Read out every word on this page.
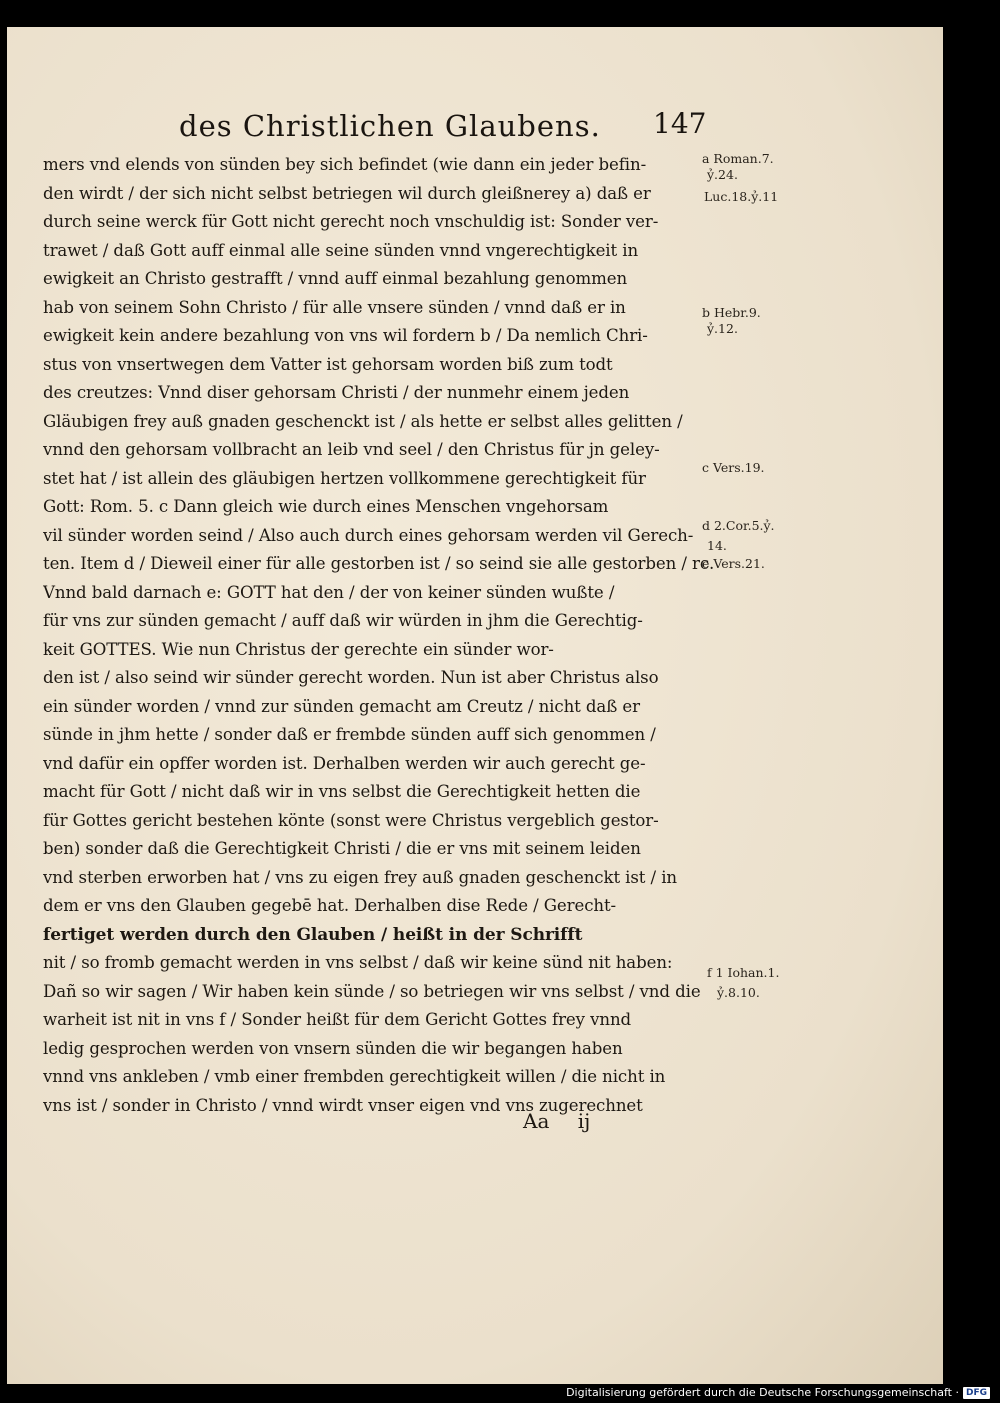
des Christlichen Glaubens. 147
mers vnd elends von sünden bey sich befindet (wie dann ein jeder befin-
den wirdt / der sich nicht selbst betriegen wil durch gleißnerey a) daß er
durch seine werck für Gott nicht gerecht noch vnschuldig ist: Sonder ver-
trawet / daß Gott auff einmal alle seine sünden vnnd vngerechtigkeit in
ewigkeit an Christo gestrafft / vnnd auff einmal bezahlung genommen
hab von seinem Sohn Christo / für alle vnsere sünden / vnnd daß er in
ewigkeit kein andere bezahlung von vns wil fordern b / Da nemlich Chri-
stus von vnsertwegen dem Vatter ist gehorsam worden biß zum todt
des creutzes: Vnnd diser gehorsam Christi / der nunmehr einem jeden
Gläubigen frey auß gnaden geschenckt ist / als hette er selbst alles gelitten /
vnnd den gehorsam vollbracht an leib vnd seel / den Christus für jn geley-
stet hat / ist allein des gläubigen hertzen vollkommene gerechtigkeit für
Gott: Rom. 5. c Dann gleich wie durch eines Menschen vngehorsam
vil sünder worden seind / Also auch durch eines gehorsam werden vil Gerech-
ten. Item d / Dieweil einer für alle gestorben ist / so seind sie alle gestorben / rc.
Vnnd bald darnach e: GOTT hat den / der von keiner sünden wußte /
für vns zur sünden gemacht / auff daß wir würden in jhm die Gerechtig-
keit GOTTES. Wie nun Christus der gerechte ein sünder wor-
den ist / also seind wir sünder gerecht worden. Nun ist aber Christus also
ein sünder worden / vnnd zur sünden gemacht am Creutz / nicht daß er
sünde in jhm hette / sonder daß er frembde sünden auff sich genommen /
vnd dafür ein opffer worden ist. Derhalben werden wir auch gerecht ge-
macht für Gott / nicht daß wir in vns selbst die Gerechtigkeit hetten die
für Gottes gericht bestehen könte (sonst were Christus vergeblich gestor-
ben) sonder daß die Gerechtigkeit Christi / die er vns mit seinem leiden
vnd sterben erworben hat / vns zu eigen frey auß gnaden geschenckt ist / in
dem er vns den Glauben gegebē hat. Derhalben dise Rede / Gerecht-
fertiget werden durch den Glauben / heißt in der Schrifft
nit / so fromb gemacht werden in vns selbst / daß wir keine sünd nit haben:
Dañ so wir sagen / Wir haben kein sünde / so betriegen wir vns selbst / vnd die
warheit ist nit in vns f / Sonder heißt für dem Gericht Gottes frey vnnd
ledig gesprochen werden von vnsern sünden die wir begangen haben
vnnd vns ankleben / vmb einer frembden gerechtigkeit willen / die nicht in
vns ist / sonder in Christo / vnnd wirdt vnser eigen vnd vns zugerechnet
a Roman.7.
ỷ.24.
Luc.18.ỷ.11
b Hebr.9.
ỷ.12.
c Vers.19.
d 2.Cor.5.ỷ.
14.
e Vers.21.
f 1 Iohan.1.
ỷ.8.10.
Aa ij
Digitalisierung gefördert durch die Deutsche Forschungsgemeinschaft · DFG
